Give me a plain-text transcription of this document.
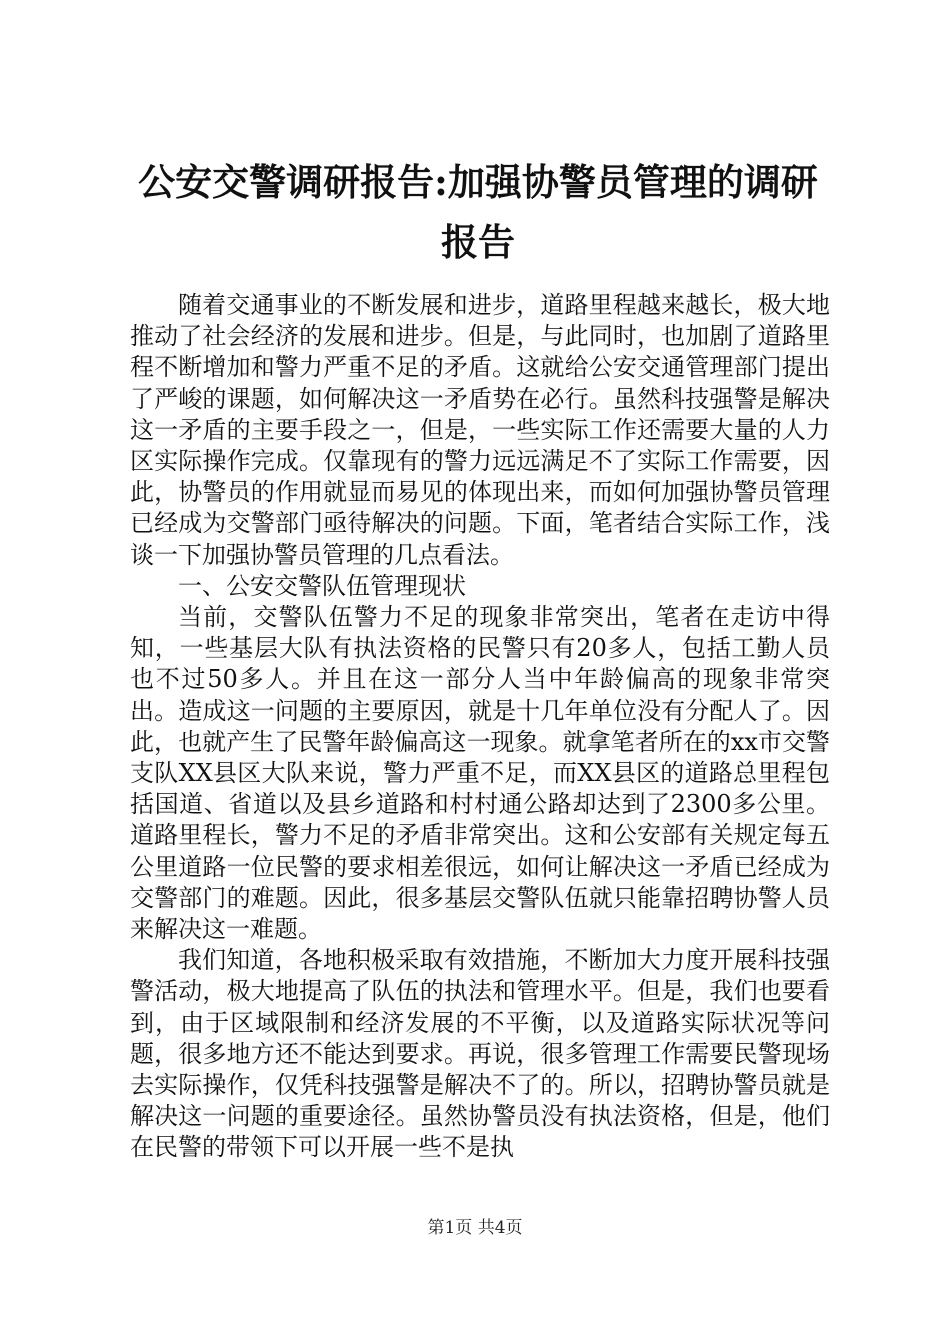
公安交警调研报告:加强协警员管理的调研报告

随着交通事业的不断发展和进步，道路里程越来越长，极大地推动了社会经济的发展和进步。但是，与此同时，也加剧了道路里程不断增加和警力严重不足的矛盾。这就给公安交通管理部门提出了严峻的课题，如何解决这一矛盾势在必行。虽然科技强警是解决这一矛盾的主要手段之一，但是，一些实际工作还需要大量的人力区实际操作完成。仅靠现有的警力远远满足不了实际工作需要，因此，协警员的作用就显而易见的体现出来，而如何加强协警员管理已经成为交警部门亟待解决的问题。下面，笔者结合实际工作，浅谈一下加强协警员管理的几点看法。

一、公安交警队伍管理现状

当前，交警队伍警力不足的现象非常突出，笔者在走访中得知，一些基层大队有执法资格的民警只有20多人，包括工勤人员也不过50多人。并且在这一部分人当中年龄偏高的现象非常突出。造成这一问题的主要原因，就是十几年单位没有分配人了。因此，也就产生了民警年龄偏高这一现象。就拿笔者所在的xx市交警支队XX县区大队来说，警力严重不足，而XX县区的道路总里程包括国道、省道以及县乡道路和村村通公路却达到了2300多公里。道路里程长，警力不足的矛盾非常突出。这和公安部有关规定每五公里道路一位民警的要求相差很远，如何让解决这一矛盾已经成为交警部门的难题。因此，很多基层交警队伍就只能靠招聘协警人员来解决这一难题。

我们知道，各地积极采取有效措施，不断加大力度开展科技强警活动，极大地提高了队伍的执法和管理水平。但是，我们也要看到，由于区域限制和经济发展的不平衡，以及道路实际状况等问题，很多地方还不能达到要求。再说，很多管理工作需要民警现场去实际操作，仅凭科技强警是解决不了的。所以，招聘协警员就是解决这一问题的重要途径。虽然协警员没有执法资格，但是，他们在民警的带领下可以开展一些不是执

第1页 共4页
